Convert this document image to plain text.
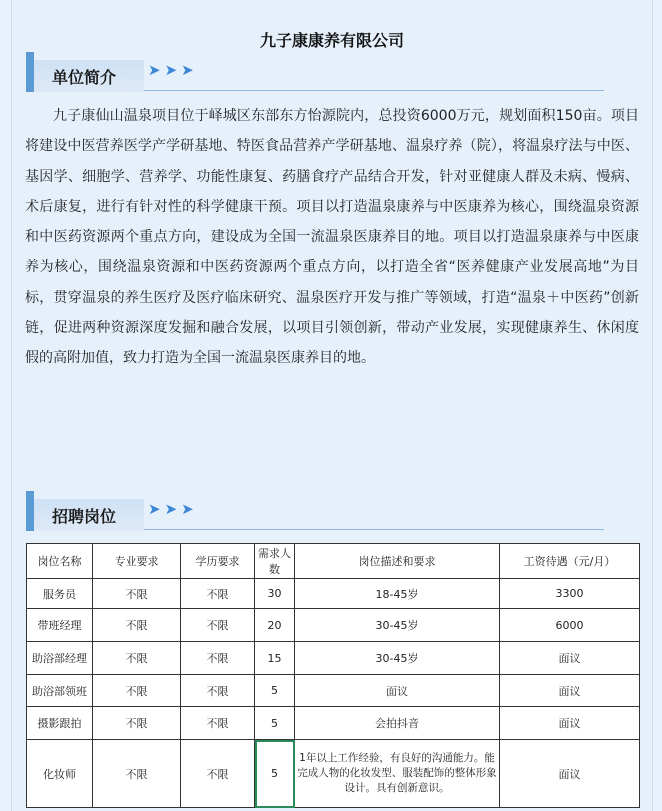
九子康康养有限公司
单位简介 ➤➤➤

九子康仙山温泉项目位于峄城区东部东方怡源院内，总投资6000万元，规划面积150亩。项目将建设中医营养医学产学研基地、特医食品营养产学研基地、温泉疗养（院），将温泉疗法与中医、基因学、细胞学、营养学、功能性康复、药膳食疗产品结合开发，针对亚健康人群及未病、慢病、术后康复，进行有针对性的科学健康干预。项目以打造温泉康养与中医康养为核心，围绕温泉资源和中医药资源两个重点方向，建设成为全国一流温泉医康养目的地。项目以打造温泉康养与中医康养为核心，围绕温泉资源和中医药资源两个重点方向，以打造全省“医养健康产业发展高地”为目标，贯穿温泉的养生医疗及医疗临床研究、温泉医疗开发与推广等领域，打造“温泉＋中医药”创新链，促进两种资源深度发掘和融合发展，以项目引领创新，带动产业发展，实现健康养生、休闲度假的高附加值，致力打造为全国一流温泉医康养目的地。

招聘岗位 ➤➤➤
岗位名称	专业要求	学历要求	需求人数	岗位描述和要求	工资待遇（元/月）
服务员	不限	不限	30	18-45岁	3300
带班经理	不限	不限	20	30-45岁	6000
助浴部经理	不限	不限	15	30-45岁	面议
助浴部领班	不限	不限	5	面议	面议
摄影跟拍	不限	不限	5	会拍抖音	面议
化妆师	不限	不限	5	1年以上工作经验，有良好的沟通能力。能完成人物的化妆发型、服装配饰的整体形象设计。具有创新意识。	面议
